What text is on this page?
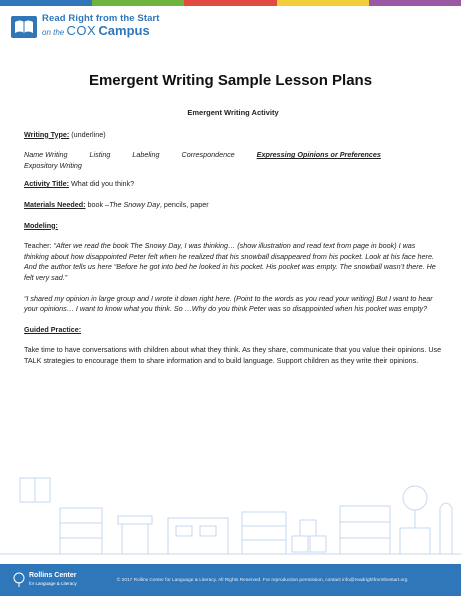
Read Right from the Start
on the COX Campus
Emergent Writing Sample Lesson Plans
Emergent Writing Activity
Writing Type: (underline)
Name Writing	Listing	Labeling	Correspondence	Expressing Opinions or Preferences
Expository Writing
Activity Title: What did you think?
Materials Needed: book –The Snowy Day, pencils, paper
Modeling:
Teacher: “After we read the book The Snowy Day, I was thinking… (show illustration and read text from page in book) I was thinking about how disappointed Peter felt when he realized that his snowball disappeared from his pocket. Look at his face here. And the author tells us here “Before he got into bed he looked in his pocket. His pocket was empty. The snowball wasn’t there. He felt very sad.”
“I shared my opinion in large group and I wrote it down right here. (Point to the words as you read your writing) But I want to hear your opinions… I want to know what you think. So …Why do you think Peter was so disappointed when his pocket was empty?
Guided Practice:
Take time to have conversations with children about what they think. As they share, communicate that you value their opinions. Use TALK strategies to encourage them to share information and to build language. Support children as they write their opinions.
Rollins Center
for Language & Literacy
© 2017 Rollins Center for Language & Literacy. All Rights Reserved. For reproduction permission, contact info@readrightfromthestart.org
